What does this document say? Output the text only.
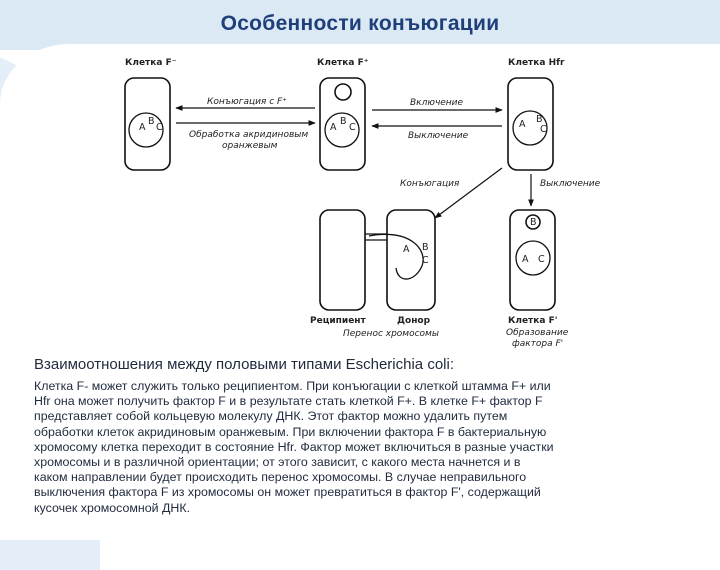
Особенности конъюгации
Клетка F⁻	Клетка F⁺	Клетка Hfr
Конъюгация с F⁺
Обработка акридиновым
оранжевым
Включение
Выключение
Конъюгация	Выключение
A
B
C	A
B
C	A B
C
A B
C
B
A C
Реципиент	Донор
Перенос хромосомы
Клетка F'
Образование
фактора F'
Взаимоотношения между половыми типами Escherichia coli:
Клетка F- может служить только реципиентом. При конъюгации с клеткой штамма F+ или
Hfr она может получить фактор F и в результате стать клеткой F+. В клетке F+ фактор F
представляет собой кольцевую молекулу ДНК. Этот фактор можно удалить путем
обработки клеток акридиновым оранжевым. При включении фактора F в бактериальную
хромосому клетка переходит в состояние Hfr. Фактор может включиться в разные участки
хромосомы и в различной ориентации; от этого зависит, с какого места начнется и в
каком направлении будет происходить перенос хромосомы. В случае неправильного
выключения фактора F из хромосомы он может превратиться в фактор F', содержащий
кусочек хромосомной ДНК.
